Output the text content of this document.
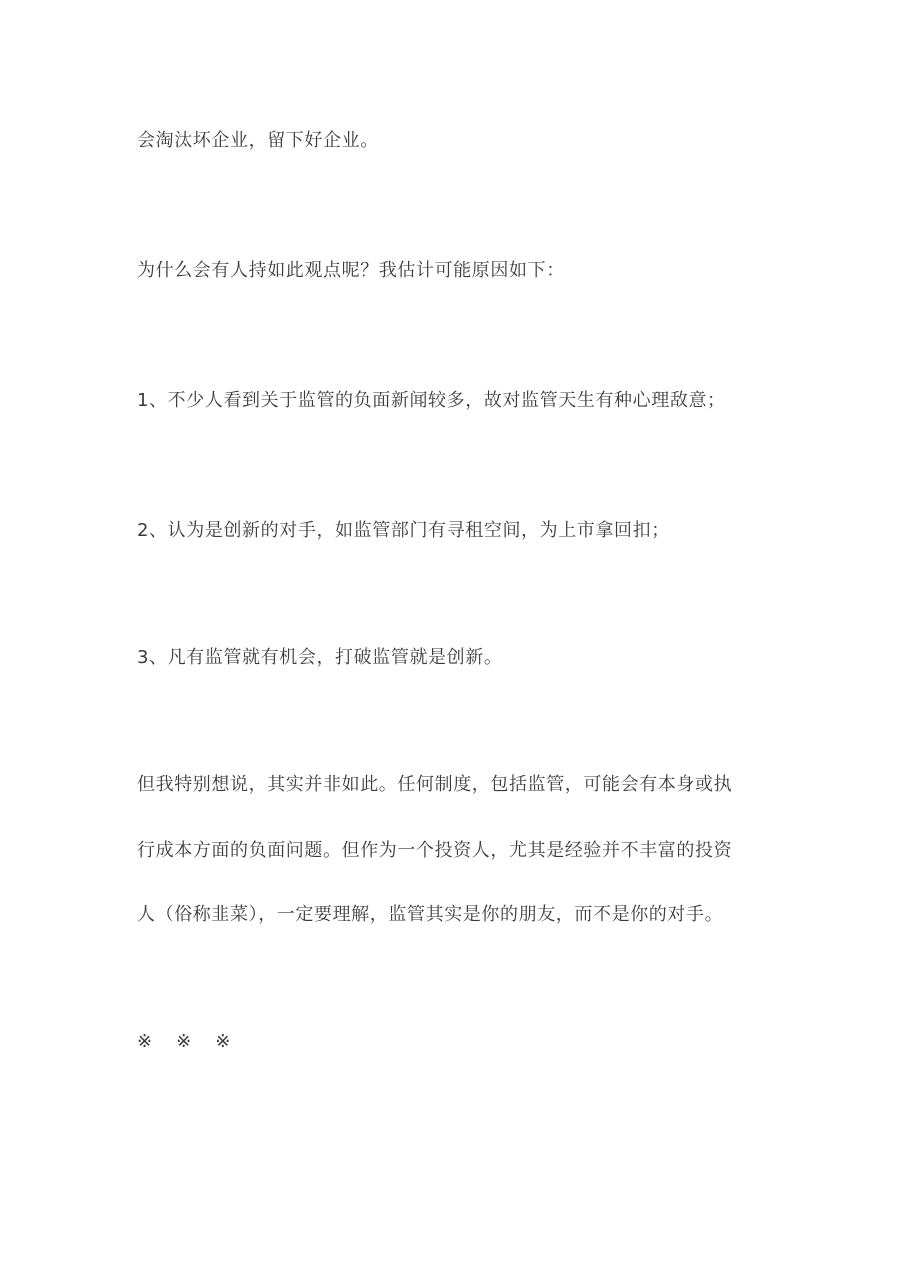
会淘汰坏企业，留下好企业。
为什么会有人持如此观点呢？我估计可能原因如下：
1、不少人看到关于监管的负面新闻较多，故对监管天生有种心理敌意；
2、认为是创新的对手，如监管部门有寻租空间，为上市拿回扣；
3、凡有监管就有机会，打破监管就是创新。
但我特别想说，其实并非如此。任何制度，包括监管，可能会有本身或执
行成本方面的负面问题。但作为一个投资人，尤其是经验并不丰富的投资
人（俗称韭菜），一定要理解，监管其实是你的朋友，而不是你的对手。
※ ※ ※
